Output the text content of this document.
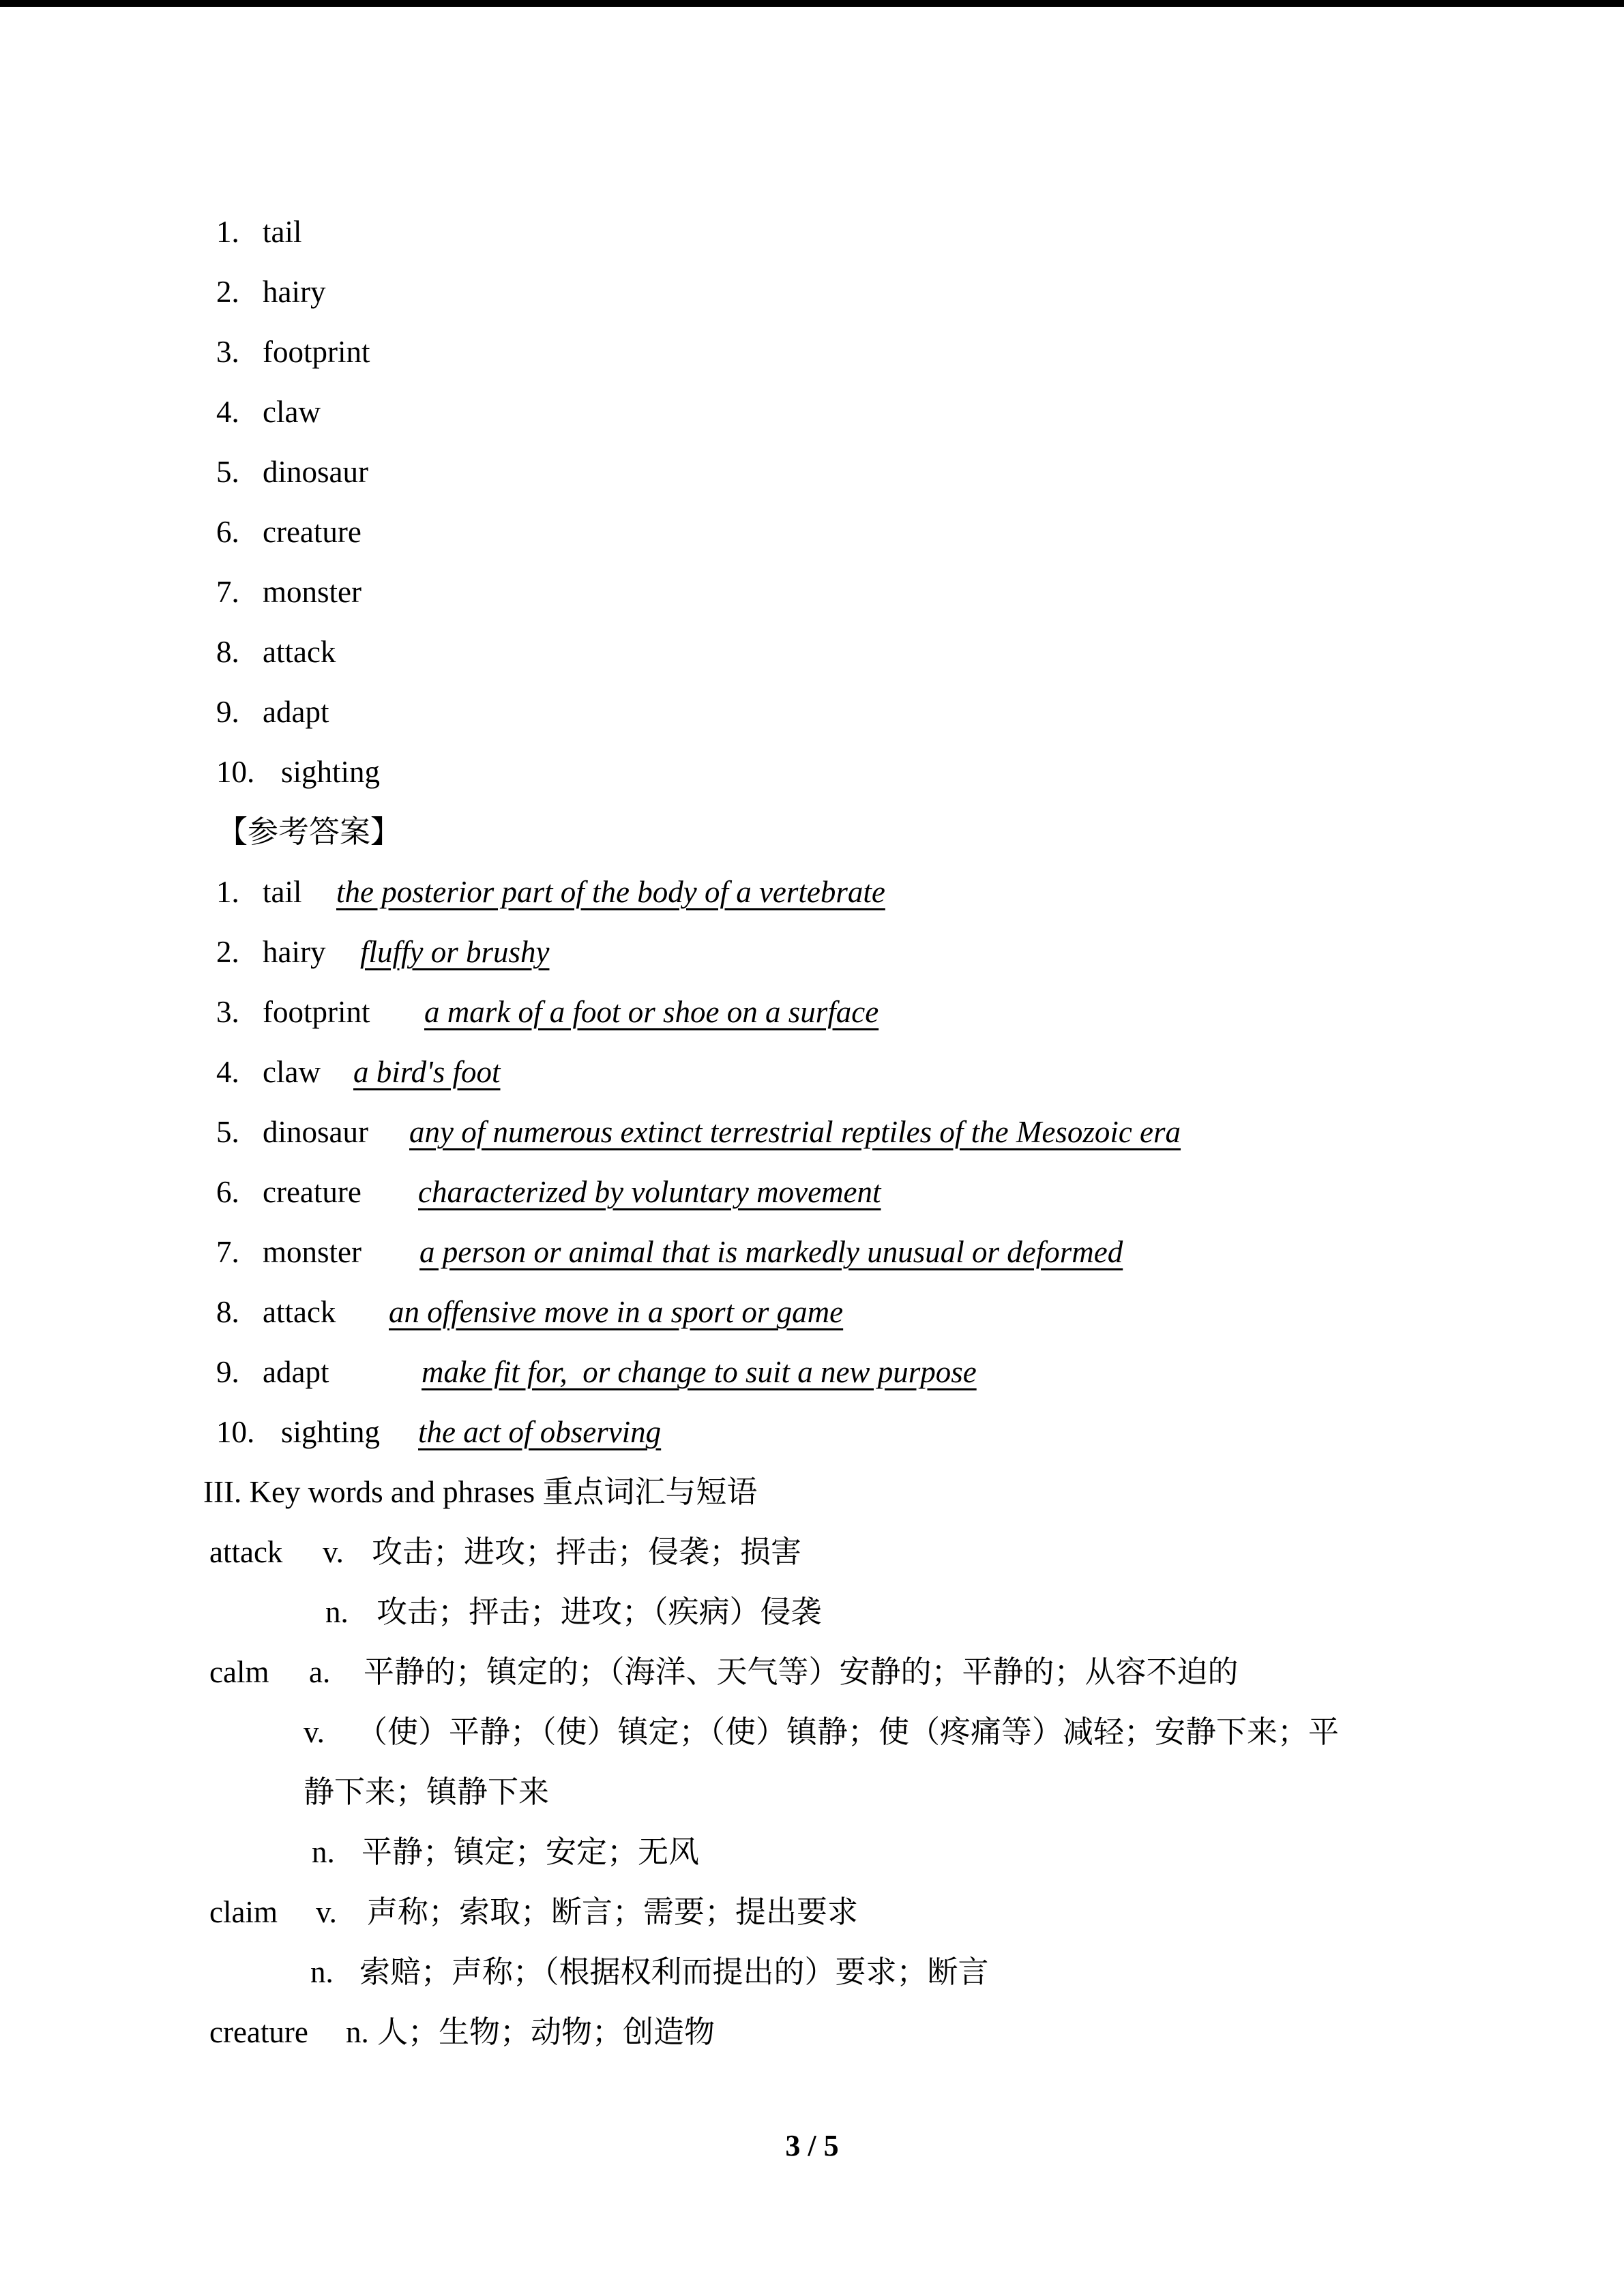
1. tail
2. hairy
3. footprint
4. claw
5. dinosaur
6. creature
7. monster
8. attack
9. adapt
10. sighting
【参考答案】
1. tail the posterior part of the body of a vertebrate
2. hairy fluffy or brushy
3. footprint a mark of a foot or shoe on a surface
4. claw a bird's foot
5. dinosaur any of numerous extinct terrestrial reptiles of the Mesozoic era
6. creature characterized by voluntary movement
7. monster a person or animal that is markedly unusual or deformed
8. attack an offensive move in a sport or game
9. adapt	make fit for,  or change to suit a new purpose
10. sighting the act of observing
III. Key words and phrases 重点词汇与短语
attack v. 攻击；进攻；抨击；侵袭；损害
n. 攻击；抨击；进攻；（疾病）侵袭
calm a. 平静的；镇定的；（海洋、天气等）安静的；平静的；从容不迫的
v. （使）平静；（使）镇定；（使）镇静；使（疼痛等）减轻；安静下来；平
静下来；镇静下来
n. 平静；镇定；安定；无风
claim v. 声称；索取；断言；需要；提出要求
n. 索赔；声称；（根据权利而提出的）要求；断言
creature n. 人；生物；动物；创造物
3 / 5
